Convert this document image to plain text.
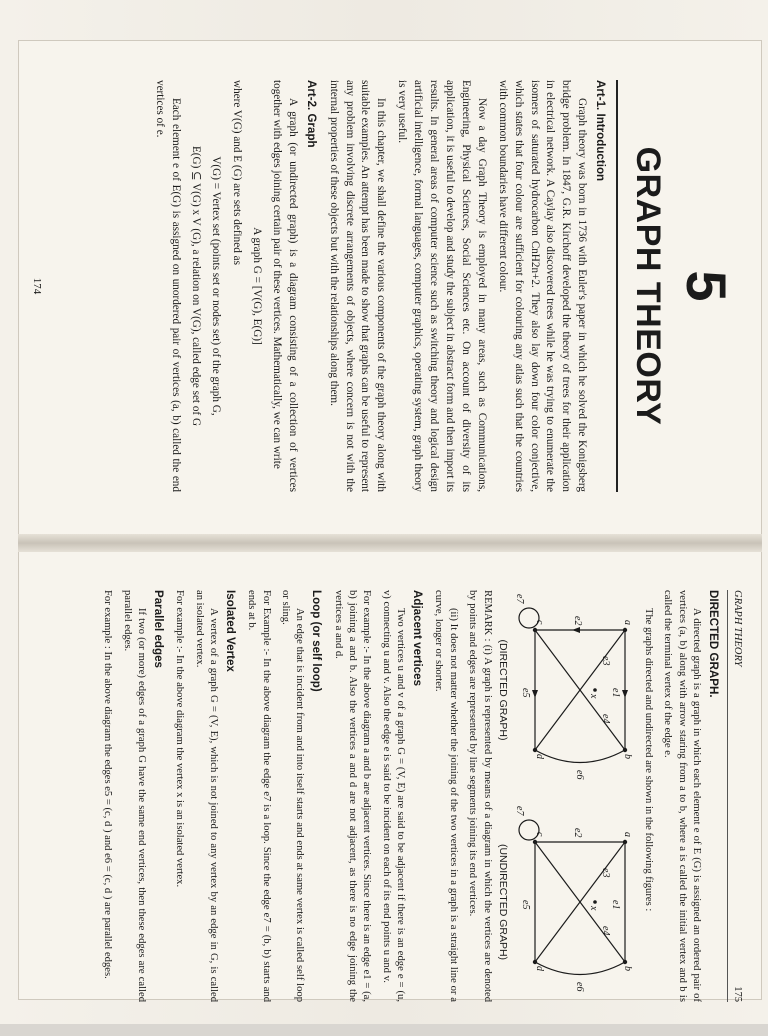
5
GRAPH THEORY
Art-1. Introduction

Graph theory was born in 1736 with Euler's paper in which he solved the Konigsberg bridge problem. In 1847, G.R. Kirchoff developed the theory of trees for their application in electrical network. A Caylay also discovered trees while he was trying to enumerate the isomers of saturated hydrocarbon CnH2n+2. They also lay down four color conjective, which states that four colour are sufficient for colouring any atlas such that the countries with common boundaries have different colour.

Now a day Graph Theory is employed in many areas, such as Communications, Engineering, Physical Sciences, Social Sciences etc. On account of diversity of its application, it is useful to develop and study the subject in abstract form and then import its results. In general areas of computer science such as switching theory and logical design artificial intelligence, formal languages, computer graphics, operating system, graph theory is very useful.

In this chapter, we shall define the various components of the graph theory along with suitable examples. An attempt has been made to show that graphs can be useful to represent any problem involving discrete arrangements of objects, where concern is not with the internal properties of these objects but with the relationships along them.

Art-2. Graph

A graph (or undirected graph) is a diagram consisting of a collection of vertices together with edges joining certain pair of these vertices. Mathematically, we can write

A graph G = [V(G), E(G)]

where V(G) and E (G) are sets defined as

V(G) = Vertex set (points set or nodes set) of the graph G,

E(G) ⊆ V(G) x V (G), a relation on V(G), called edge set of G

Each element e of E(G) is assigned on unordered pair of vertices (a, b) called the end vertices of e.

174
GRAPH THEORY
175
DIRECTED GRAPH.

A directed graph is a graph in which each element e of E (G) is assigned an ordered pair of vertices (a, b) along with arrow staring from a to b, where a is called the initial vertex and b is called the terminal vertex of the edge e.

The graphs directed and undirected are shown in the following figures :

a
b
c
d
x e1
e2
e3
e4
e5
e6
e7
(DIRECTED GRAPH)
a
b
c
d
x e1
e2
e3
e4
e5
e6
e7
(UNDIRECTED GRAPH)

REMARK : (i) A graph is represented by means of a diagram in which the vertices are denoted by points and edges are represented by line segments joining its end vertices.

(ii) It does not matter whether the joining of the two vertices in a graph is a straight line or a curve, longer or shorter.

Adjacent vertices

Two vertices u and v of a graph G = (V, E) are said to be adjacent if there is an edge e = (u, v) connecting u and v. Also the edge e is said to be incident on each of its end points u and v.

For example :- In the above diagram a and b are adjacent vertices. Since there is an edge e1 = (a, b) joining a and b. Also the vertices a and d are not adjacent, as there is no edge joining the vertices a and d.

Loop (or self loop)

An edge that is incident from and into itself starts and ends at same vertex is called self loop or sling.

For Example :- In the above diagram the edge e7 is a loop. Since the edge e7 = (b, b) starts and ends at b.

Isolated Vertex

A vertex of a graph G = (V, E), which is not joined to any vertex by an edge in G, is called an isolated vertex.

For example :- In the above diagram the vertex x is an isolated vertex.

Parallel edges

If two (or more) edges of a graph G have the same end vertices, then these edges are called parallel edges.

For example : In the above diagram the edges e5 = (c, d ) and e6 = (c, d ) are parallel edges.
